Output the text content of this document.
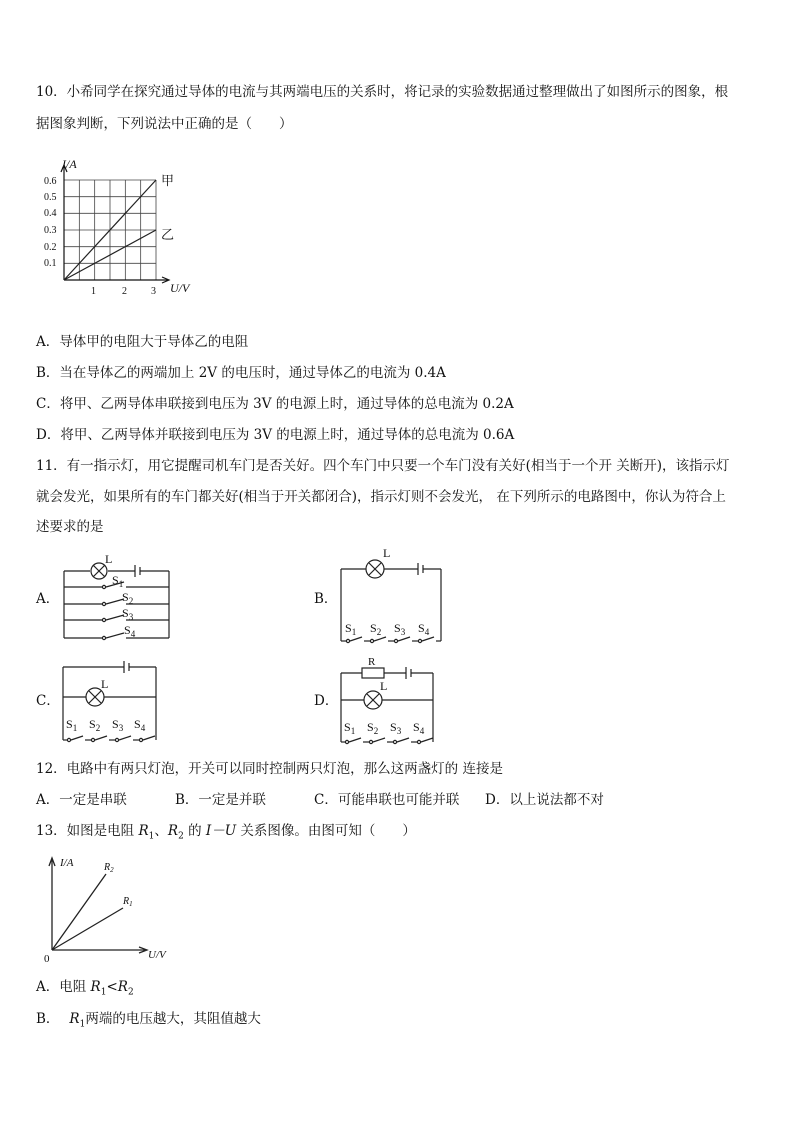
10．小希同学在探究通过导体的电流与其两端电压的关系时，将记录的实验数据通过整理做出了如图所示的图象，根
据图象判断，下列说法中正确的是（　　）
I/A
U/V
0.6
0.5
0.4
0.3
0.2
0.1
1	2 3
甲
乙
A．导体甲的电阻大于导体乙的电阻
B．当在导体乙的两端加上 2V 的电压时，通过导体乙的电流为 0.4A
C．将甲、乙两导体串联接到电压为 3V 的电源上时，通过导体的总电流为 0.2A
D．将甲、乙两导体并联接到电压为 3V 的电源上时，通过导体的总电流为 0.6A
11．有一指示灯，用它提醒司机车门是否关好。四个车门中只要一个车门没有关好(相当于一个开 关断开)，该指示灯
就会发光，如果所有的车门都关好(相当于开关都闭合)，指示灯则不会发光， 在下列所示的电路图中，你认为符合上
述要求的是
A．	B．
C．	D．
L
$S_1$
$S_2$
$S_3$
$S_4$
L
$S_1$ $S_2$ $S_3$ $S_4$
L
$S_1$ $S_2$ $S_3$ $S_4$
R
L
$S_1$ $S_2$ $S_3$ $S_4$
12．电路中有两只灯泡，开关可以同时控制两只灯泡，那么这两盏灯的 连接是
A．一定是串联	B．一定是并联	C．可能串联也可能并联 D．以上说法都不对
13．如图是电阻 $R_1$、$R_2$ 的 I－U 关系图像。由图可知（　　）
I/A
U/V
0
$R_2$
$R_1$
A．电阻 $R_1<R_2$
B． $R_1$两端的电压越大，其阻值越大
